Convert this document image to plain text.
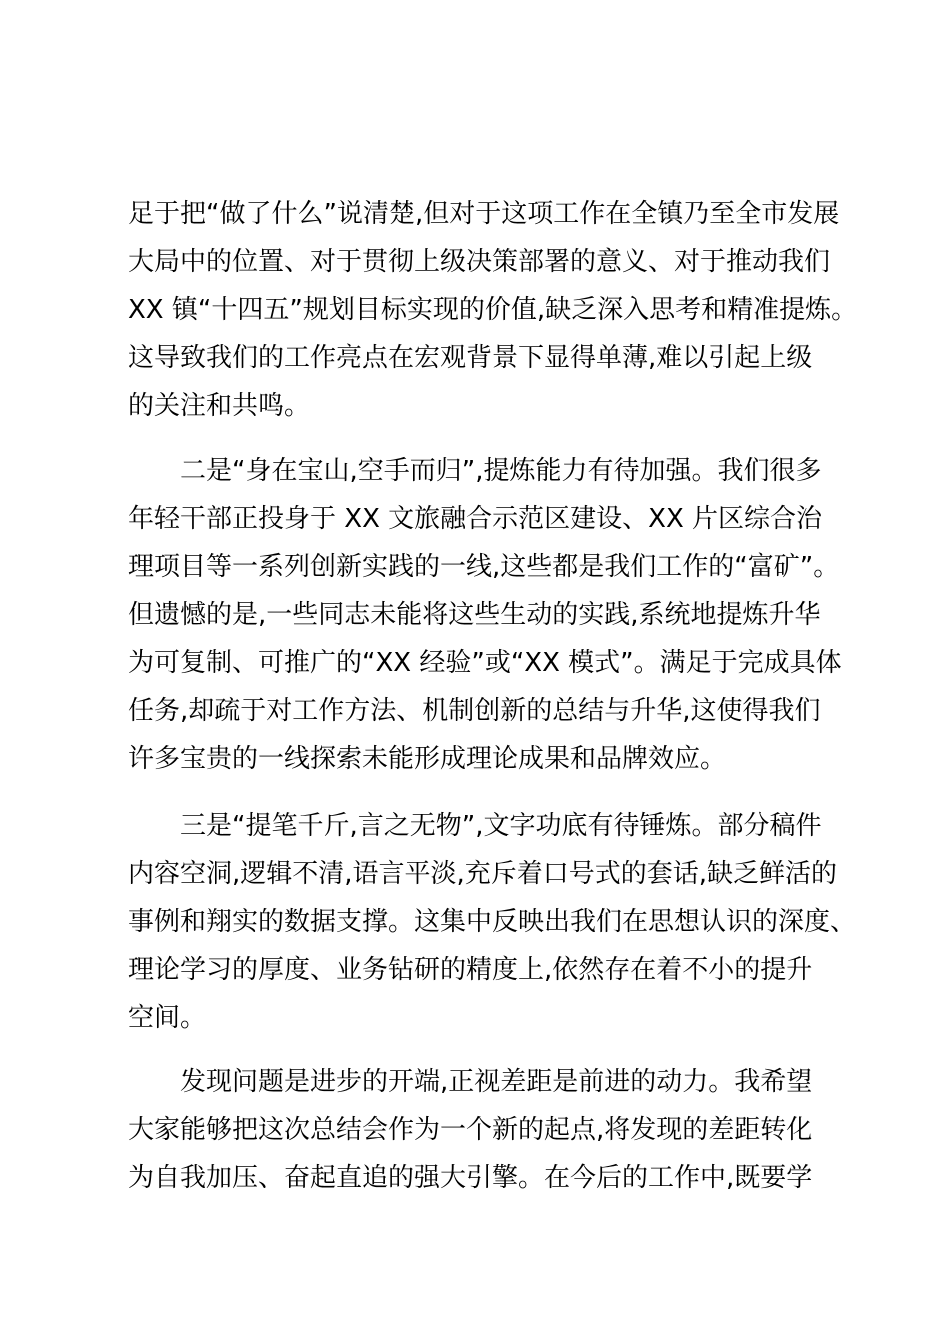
足于把“做了什么”说清楚,但对于这项工作在全镇乃至全市发展
大局中的位置、对于贯彻上级决策部署的意义、对于推动我们
XX 镇“十四五”规划目标实现的价值,缺乏深入思考和精准提炼。
这导致我们的工作亮点在宏观背景下显得单薄,难以引起上级
的关注和共鸣。
二是“身在宝山,空手而归”,提炼能力有待加强。我们很多
年轻干部正投身于 XX 文旅融合示范区建设、XX 片区综合治
理项目等一系列创新实践的一线,这些都是我们工作的“富矿”。
但遗憾的是,一些同志未能将这些生动的实践,系统地提炼升华
为可复制、可推广的“XX 经验”或“XX 模式”。满足于完成具体
任务,却疏于对工作方法、机制创新的总结与升华,这使得我们
许多宝贵的一线探索未能形成理论成果和品牌效应。
三是“提笔千斤,言之无物”,文字功底有待锤炼。部分稿件
内容空洞,逻辑不清,语言平淡,充斥着口号式的套话,缺乏鲜活的
事例和翔实的数据支撑。这集中反映出我们在思想认识的深度、
理论学习的厚度、业务钻研的精度上,依然存在着不小的提升
空间。
发现问题是进步的开端,正视差距是前进的动力。我希望
大家能够把这次总结会作为一个新的起点,将发现的差距转化
为自我加压、奋起直追的强大引擎。在今后的工作中,既要学
